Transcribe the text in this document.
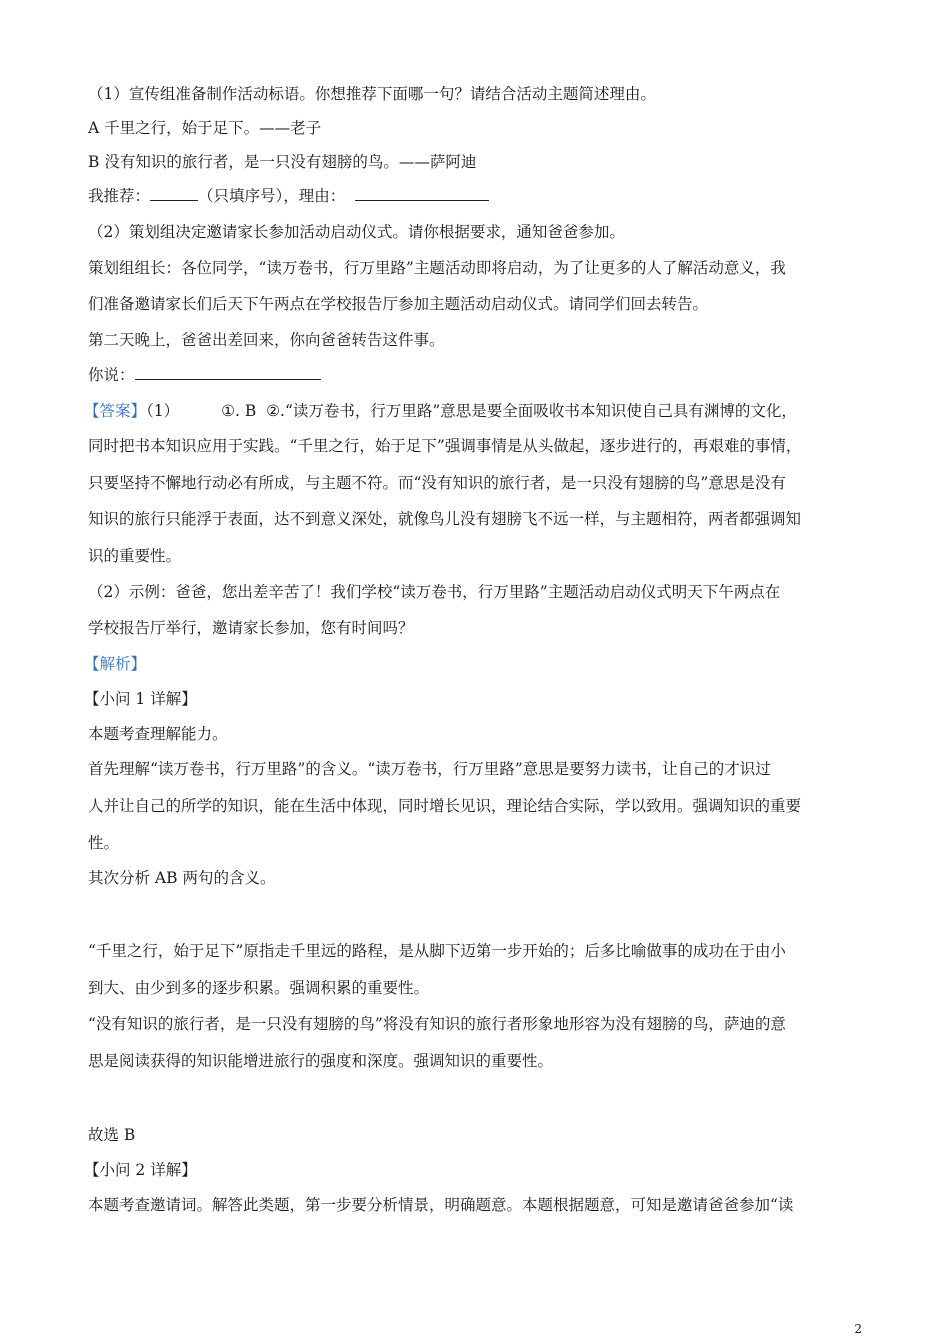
（1）宣传组准备制作活动标语。你想推荐下面哪一句？请结合活动主题简述理由。
A 千里之行，始于足下。——老子
B 没有知识的旅行者，是一只没有翅膀的鸟。——萨阿迪
我推荐：	（只填序号），理由：
（2）策划组决定邀请家长参加活动启动仪式。请你根据要求，通知爸爸参加。
策划组组长：各位同学，“读万卷书，行万里路”主题活动即将启动，为了让更多的人了解活动意义，我
们准备邀请家长们后天下午两点在学校报告厅参加主题活动启动仪式。请同学们回去转告。
第二天晚上，爸爸出差回来，你向爸爸转告这件事。
你说：
【答案】（1）	①. B ②.“读万卷书，行万里路”意思是要全面吸收书本知识使自己具有渊博的文化，
同时把书本知识应用于实践。“千里之行，始于足下”强调事情是从头做起，逐步进行的，再艰难的事情，
只要坚持不懈地行动必有所成，与主题不符。而“没有知识的旅行者，是一只没有翅膀的鸟”意思是没有
知识的旅行只能浮于表面，达不到意义深处，就像鸟儿没有翅膀飞不远一样，与主题相符，两者都强调知
识的重要性。
（2）示例：爸爸，您出差辛苦了！我们学校“读万卷书，行万里路”主题活动启动仪式明天下午两点在
学校报告厅举行，邀请家长参加，您有时间吗？
【解析】
【小问 1 详解】
本题考查理解能力。
首先理解“读万卷书，行万里路”的含义。“读万卷书，行万里路”意思是要努力读书，让自己的才识过
人并让自己的所学的知识，能在生活中体现，同时增长见识，理论结合实际，学以致用。强调知识的重要
性。
其次分析 AB 两句的含义。
“千里之行，始于足下”原指走千里远的路程，是从脚下迈第一步开始的；后多比喻做事的成功在于由小
到大、由少到多的逐步积累。强调积累的重要性。
“没有知识的旅行者，是一只没有翅膀的鸟”将没有知识的旅行者形象地形容为没有翅膀的鸟，萨迪的意
思是阅读获得的知识能增进旅行的强度和深度。强调知识的重要性。
故选 B
【小问 2 详解】
本题考查邀请词。解答此类题，第一步要分析情景，明确题意。本题根据题意，可知是邀请爸爸参加“读
2
